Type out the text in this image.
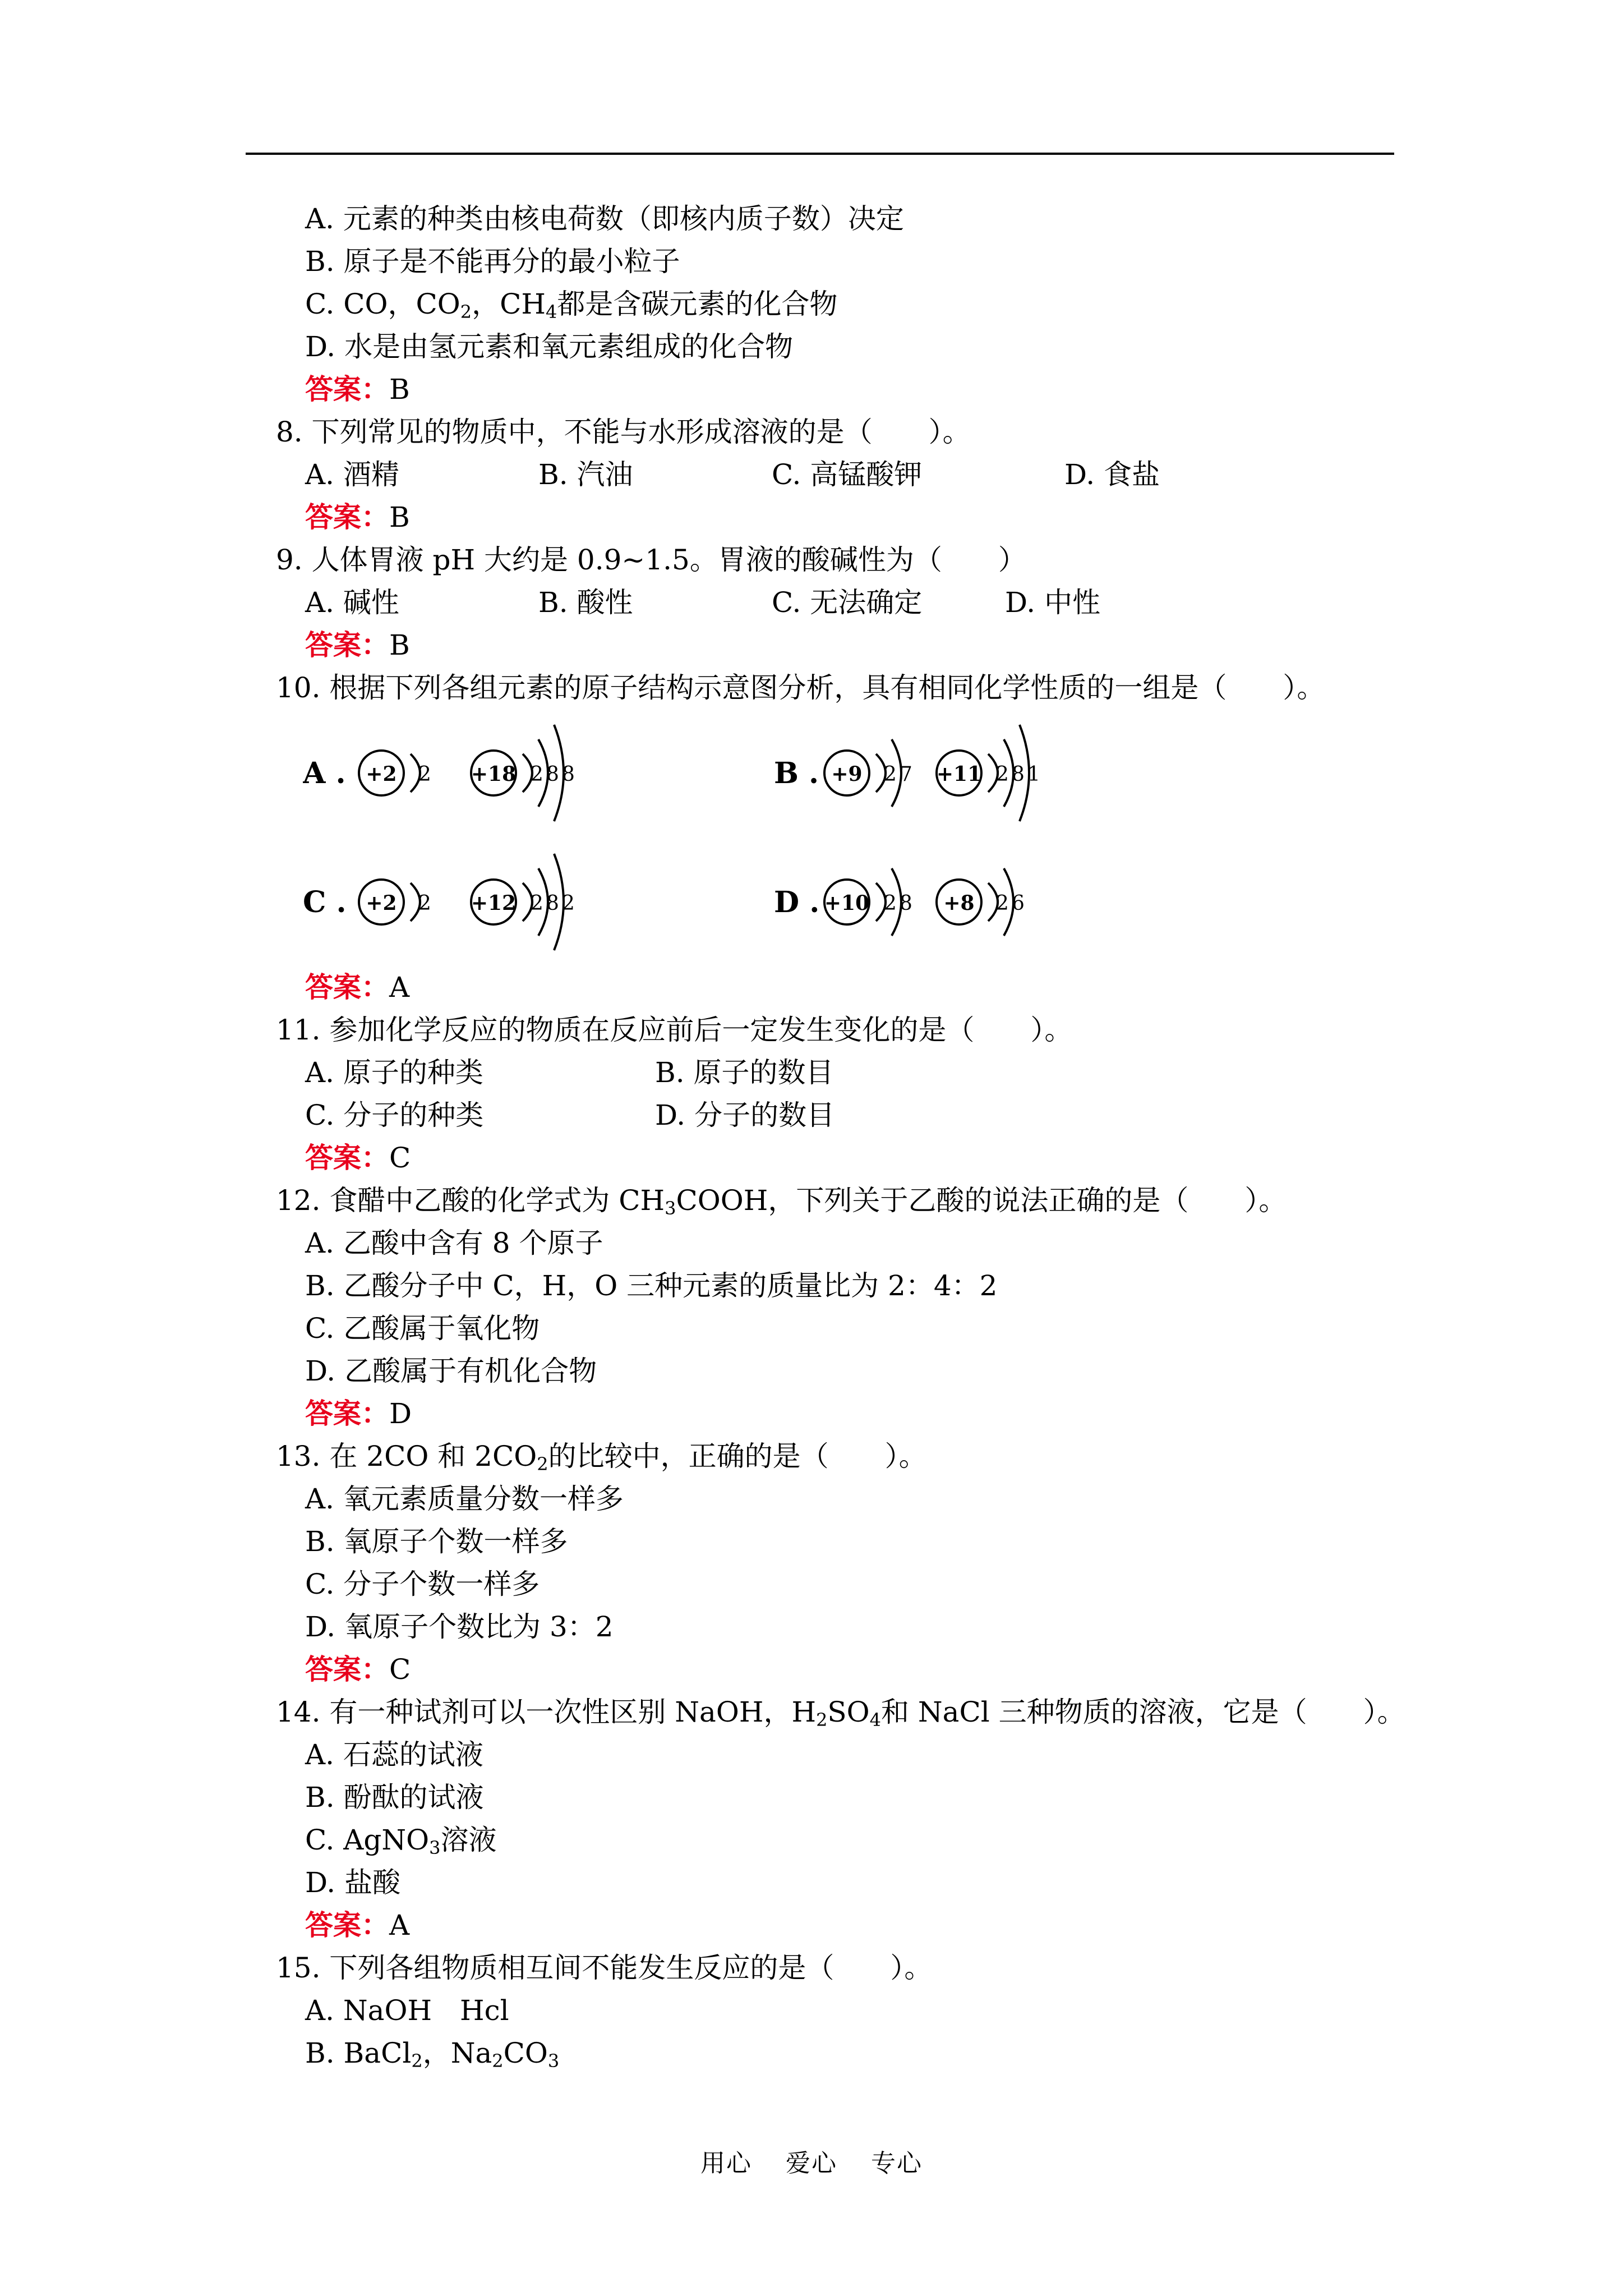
A. 元素的种类由核电荷数（即核内质子数）决定
B. 原子是不能再分的最小粒子
C. CO，$CO_2$，$CH_4$都是含碳元素的化合物
D. 水是由氢元素和氧元素组成的化合物
答案：B
8. 下列常见的物质中，不能与水形成溶液的是（　　）。
A. 酒精	B. 汽油	C. 高锰酸钾	D. 食盐
答案：B
9. 人体胃液 pH 大约是 0.9~1.5。胃液的酸碱性为（　　）
A. 碱性	B. 酸性	C. 无法确定	D. 中性
答案：B
10. 根据下列各组元素的原子结构示意图分析，具有相同化学性质的一组是（　　）。
A . +2 2 +18 2 8 8	B . +9 2 7 +11 2 8 1
C . +2 2 +12 2 8 2	D . +10 2 8 +8 2 6
答案：A
11. 参加化学反应的物质在反应前后一定发生变化的是（　　）。
A. 原子的种类	B. 原子的数目
C. 分子的种类	D. 分子的数目
答案：C
12. 食醋中乙酸的化学式为 $CH_3COOH$，下列关于乙酸的说法正确的是（　　）。
A. 乙酸中含有 8 个原子
B. 乙酸分子中 C，H，O 三种元素的质量比为 2：4：2
C. 乙酸属于氧化物
D. 乙酸属于有机化合物
答案：D
13. 在 2CO 和 $2CO_2$的比较中，正确的是（　　）。
A. 氧元素质量分数一样多
B. 氧原子个数一样多
C. 分子个数一样多
D. 氧原子个数比为 3：2
答案：C
14. 有一种试剂可以一次性区别 NaOH，$H_2SO_4$和 NaCl 三种物质的溶液，它是（　　）。
A. 石蕊的试液
B. 酚酞的试液
C. AgNO$_3$溶液
D. 盐酸
答案：A
15. 下列各组物质相互间不能发生反应的是（　　）。
A. NaOH　Hcl
B. BaCl$_2$，$Na_2CO_3$
用心 爱心 专心
